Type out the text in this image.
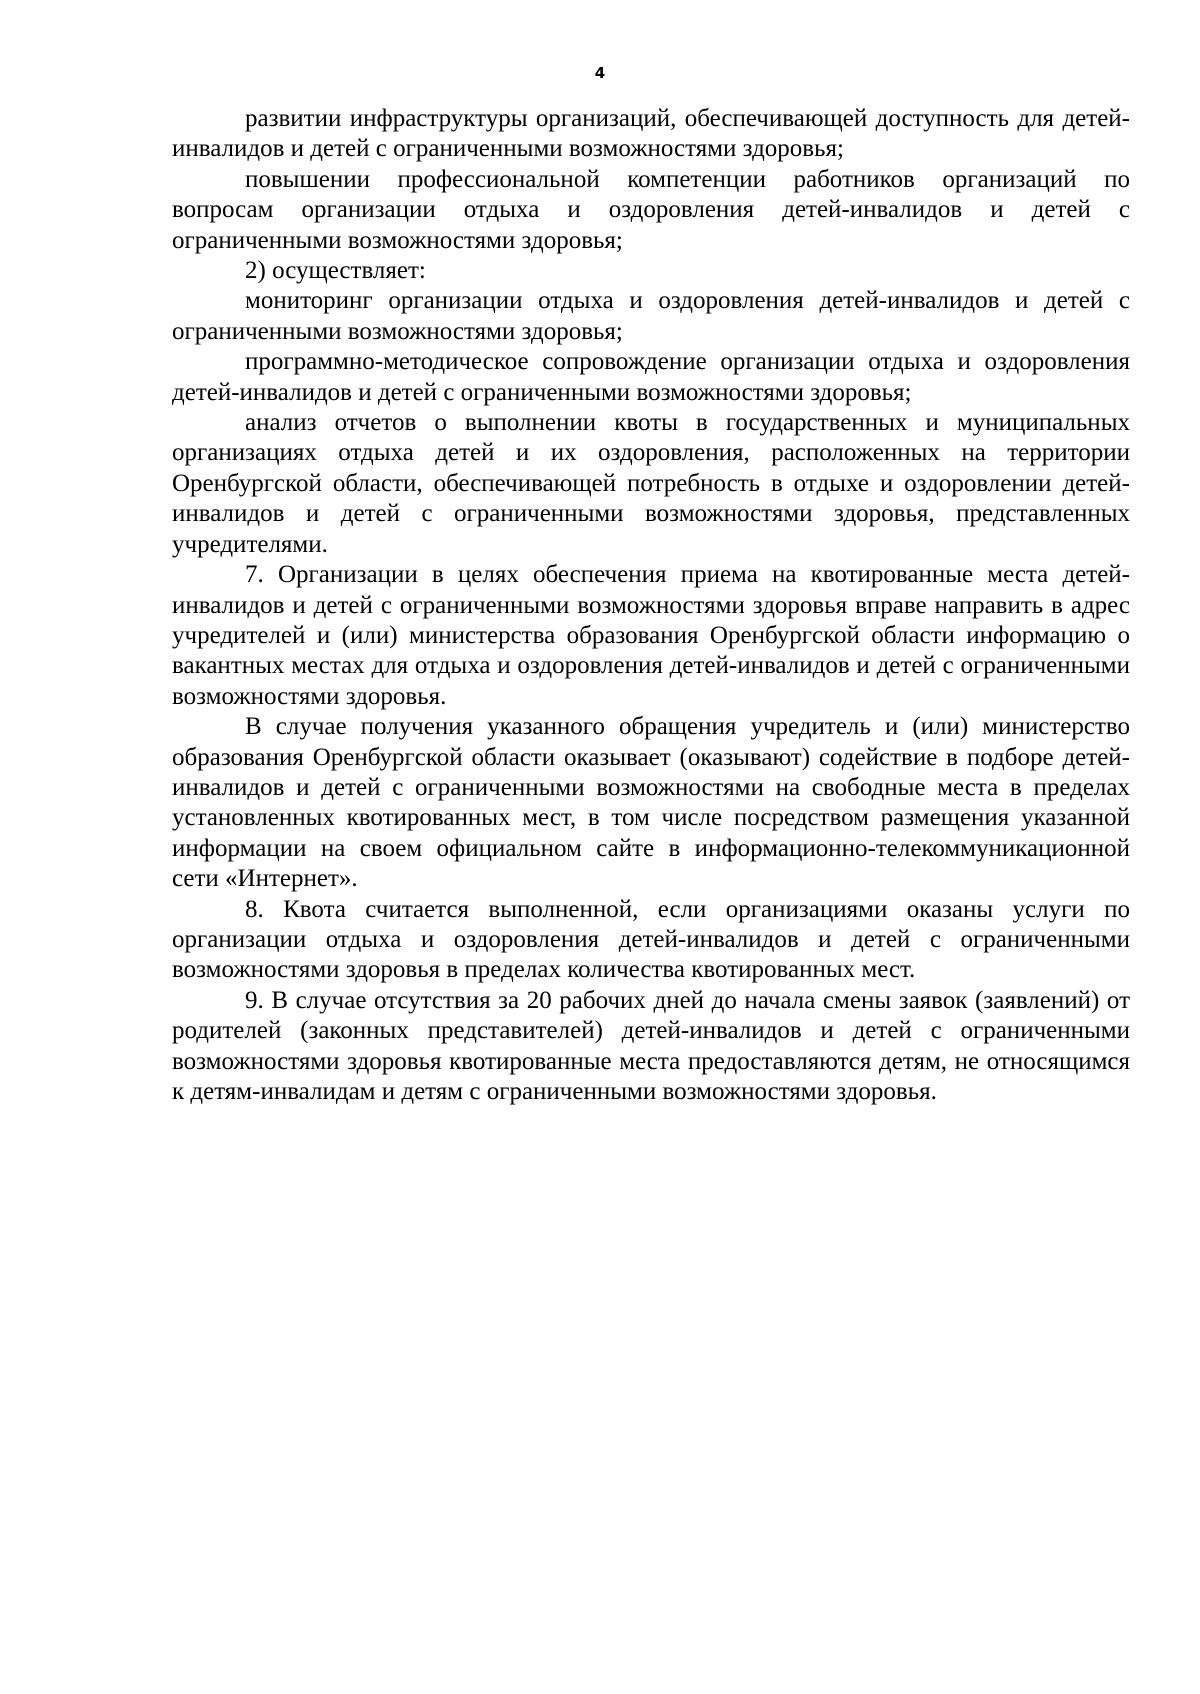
4

развитии инфраструктуры организаций, обеспечивающей доступность для детей-инвалидов и детей с ограниченными возможностями здоровья;

повышении профессиональной компетенции работников организаций по вопросам организации отдыха и оздоровления детей-инвалидов и детей с ограниченными возможностями здоровья;

2) осуществляет:

мониторинг организации отдыха и оздоровления детей-инвалидов и детей с ограниченными возможностями здоровья;

программно-методическое сопровождение организации отдыха и оздоровления детей-инвалидов и детей с ограниченными возможностями здоровья;

анализ отчетов о выполнении квоты в государственных и муниципальных организациях отдыха детей и их оздоровления, расположенных на территории Оренбургской области, обеспечивающей потребность в отдыхе и оздоровлении детей-инвалидов и детей с ограниченными возможностями здоровья, представленных учредителями.

7. Организации в целях обеспечения приема на квотированные места детей-инвалидов и детей с ограниченными возможностями здоровья вправе направить в адрес учредителей и (или) министерства образования Оренбургской области информацию о вакантных местах для отдыха и оздоровления детей-инвалидов и детей с ограниченными возможностями здоровья.

В случае получения указанного обращения учредитель и (или) министерство образования Оренбургской области оказывает (оказывают) содействие в подборе детей-инвалидов и детей с ограниченными возможностями на свободные места в пределах установленных квотированных мест, в том числе посредством размещения указанной информации на своем официальном сайте в информационно-телекоммуникационной сети «Интернет».

8. Квота считается выполненной, если организациями оказаны услуги по организации отдыха и оздоровления детей-инвалидов и детей с ограниченными возможностями здоровья в пределах количества квотированных мест.

9. В случае отсутствия за 20 рабочих дней до начала смены заявок (заявлений) от родителей (законных представителей) детей-инвалидов и детей с ограниченными возможностями здоровья квотированные места предоставляются детям, не относящимся к детям-инвалидам и детям с ограниченными возможностями здоровья.
